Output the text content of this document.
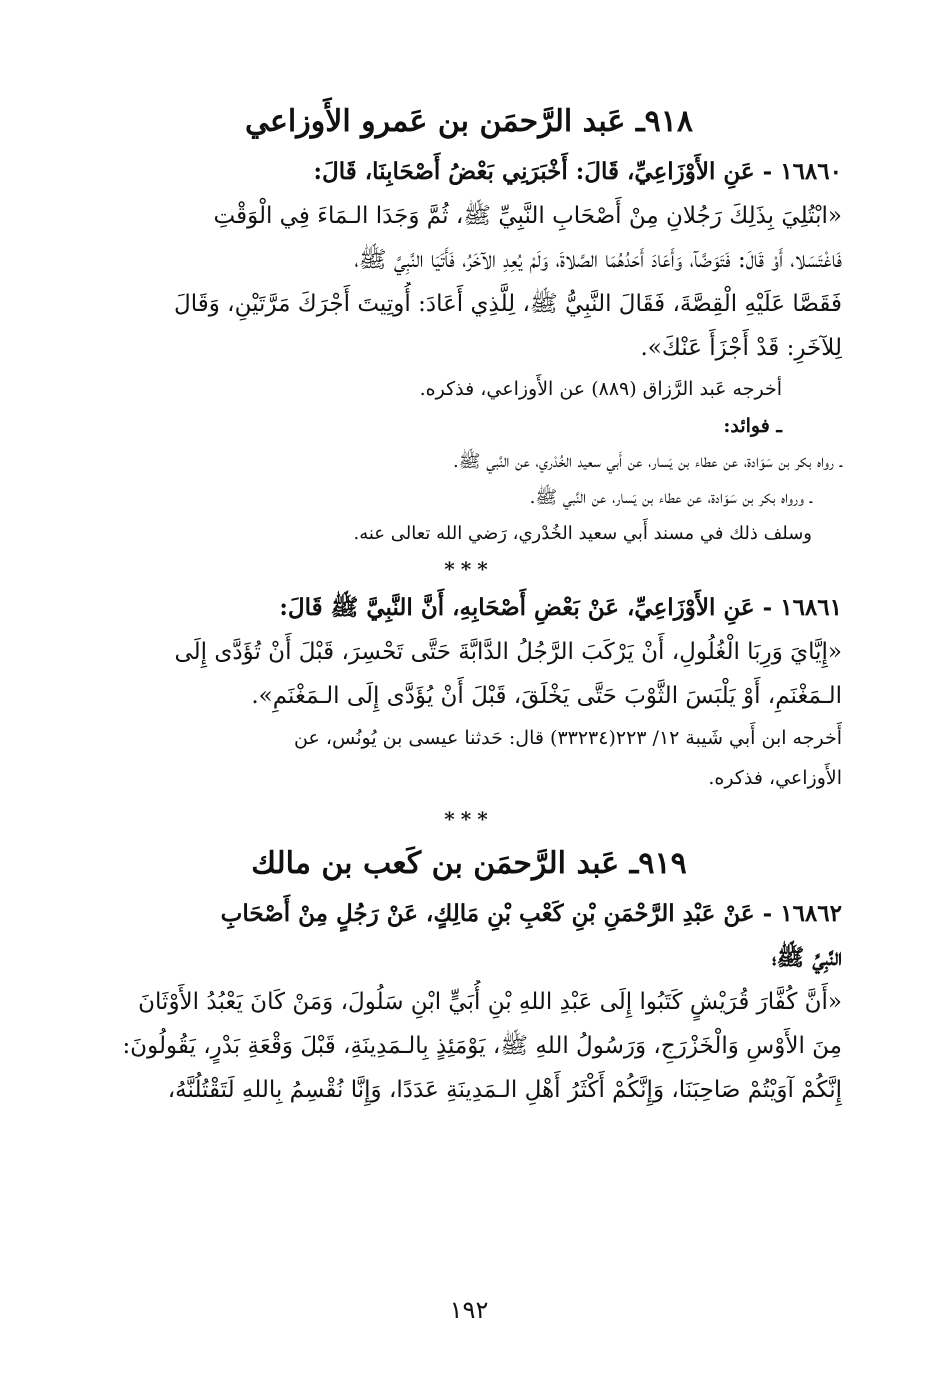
٩١٨ـ عَبد الرَّحمَن بن عَمرو الأَوزاعي

١٦٨٦٠ - عَنِ الأَوْزَاعِيِّ، قَالَ: أَخْبَرَنِي بَعْضُ أَصْحَابِنَا، قَالَ:

«ابْتُلِيَ بِذَلِكَ رَجُلانِ مِنْ أَصْحَابِ النَّبِيِّ ﷺ، ثُمَّ وَجَدَا الـمَاءَ فِي الْوَقْتِ
فَاغْتَسَلا، أَوْ قَالَ: فَتَوَضَّآ، وَأَعَادَ أَحَدُهُمَا الصَّلاةَ، وَلَمْ يُعِدِ الآخَرُ، فَأَتَيَا النَّبِيَّ ﷺ،
فَقَصَّا عَلَيْهِ الْقِصَّةَ، فَقَالَ النَّبِيُّ ﷺ، لِلَّذِي أَعَادَ: أُوتِيتَ أَجْرَكَ مَرَّتَيْنِ، وَقَالَ
لِلآخَرِ: قَدْ أَجْزَأَ عَنْكَ».

أخرجه عَبد الرَّزاق (٨٨٩) عن الأَوزاعي، فذكره.

ـ فوائد:

ـ رواه بكر بن سَوَادة، عن عطاء بن يَسار، عن أَبي سعيد الخُدْري، عن النَّبي ﷺ.

ـ ورواه بكر بن سَوَادة، عن عطاء بن يَسار، عن النَّبي ﷺ.

وسلف ذلك في مسند أَبي سعيد الخُدْري، رَضي الله تعالى عنه.

***

١٦٨٦١ - عَنِ الأَوْزَاعِيِّ، عَنْ بَعْضِ أَصْحَابِهِ، أَنَّ النَّبِيَّ ﷺ قَالَ:

«إِيَّايَ وَرِبَا الْغُلُولِ، أَنْ يَرْكَبَ الرَّجُلُ الدَّابَّةَ حَتَّى تَحْسِرَ، قَبْلَ أَنْ تُؤَدَّى إِلَى
الـمَغْنَمِ، أَوْ يَلْبَسَ الثَّوْبَ حَتَّى يَخْلَقَ، قَبْلَ أَنْ يُؤَدَّى إِلَى الـمَغْنَمِ».
أَخرجه ابن أَبي شَيبة ١٢/ ٢٢٣(٣٣٢٣٤) قال: حَدثنا عيسى بن يُونُس، عن
الأَوزاعي، فذكره.

***

٩١٩ـ عَبد الرَّحمَن بن كَعب بن مالك
١٦٨٦٢ - عَنْ عَبْدِ الرَّحْمَنِ بْنِ كَعْبِ بْنِ مَالِكٍ، عَنْ رَجُلٍ مِنْ أَصْحَابِ
النَّبِيِّ ﷺ؛
«أَنَّ كُفَّارَ قُرَيْشٍ كَتَبُوا إِلَى عَبْدِ اللهِ بْنِ أُبَيٍّ ابْنِ سَلُولَ، وَمَنْ كَانَ يَعْبُدُ الأَوْثَانَ
مِنَ الأَوْسِ وَالْخَزْرَجِ، وَرَسُولُ اللهِ ﷺ، يَوْمَئِذٍ بِالـمَدِينَةِ، قَبْلَ وَقْعَةِ بَدْرٍ، يَقُولُونَ:
إِنَّكُمْ آوَيْتُمْ صَاحِبَنَا، وَإِنَّكُمْ أَكْثَرُ أَهْلِ الـمَدِينَةِ عَدَدًا، وَإِنَّا نُقْسِمُ بِاللهِ لَتَقْتُلُنَّهُ،
١٩٢
